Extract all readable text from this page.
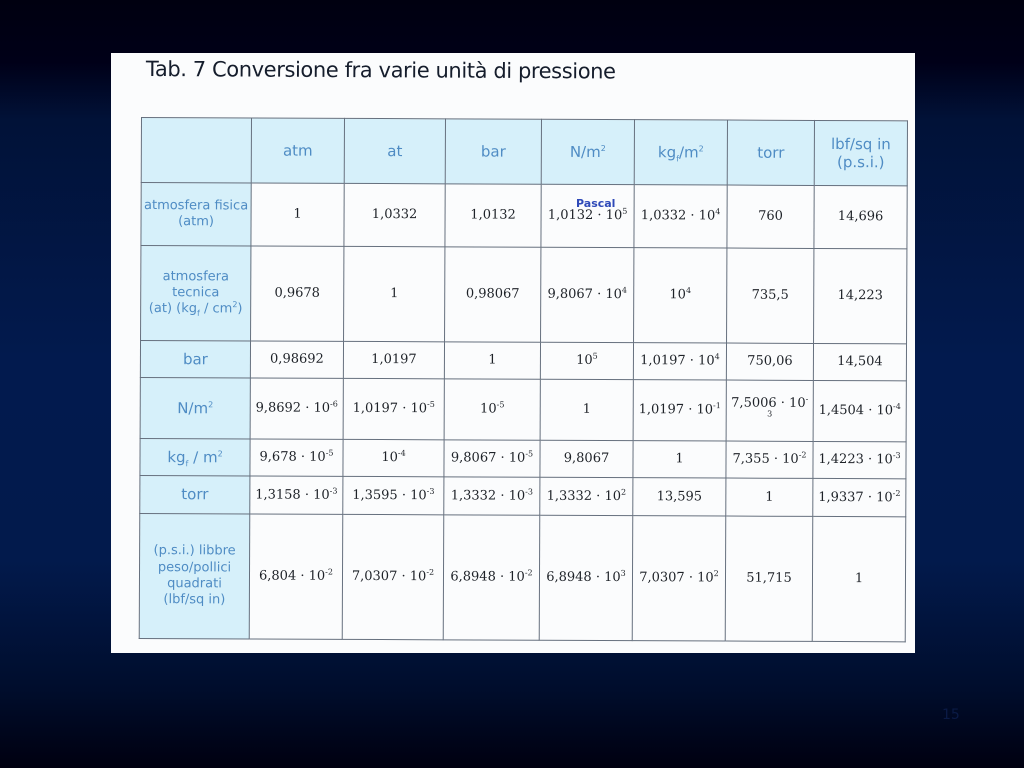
Tab. 7 Conversione fra varie unità di pressione
	atm	at	bar	$N/m^2$	$kg_f/m^2$	torr	lbf/sq in
(p.s.i.)
atmosfera fisica
(atm)	1	1,0332	1,0132	$1,0132 \cdot 10^5$	$1,0332 \cdot 10^4$	760	14,696
atmosfera
tecnica
(at) $(kg_f / cm^2)$	0,9678	1	0,98067	$9,8067 \cdot 10^4$	$10^4$	735,5	14,223
bar	0,98692	1,0197	1	$10^5$	$1,0197 \cdot 10^4$	750,06	14,504
$N/m^2$	$9,8692 \cdot 10^{-6}$	$1,0197 \cdot 10^{-5}$	$10^{-5}$	1	$1,0197 \cdot 10^{-1}$	$7,5006 \cdot 10^{-3}$	$1,4504 \cdot 10^{-4}$
$kg_f / m^2$	$9,678 \cdot 10^{-5}$	$10^{-4}$	$9,8067 \cdot 10^{-5}$	9,8067	1	$7,355 \cdot 10^{-2}$	$1,4223 \cdot 10^{-3}$
torr	$1,3158 \cdot 10^{-3}$	$1,3595 \cdot 10^{-3}$	$1,3332 \cdot 10^{-3}$	$1,3332 \cdot 10^2$	13,595	1	$1,9337 \cdot 10^{-2}$
(p.s.i.) libbre
peso/pollici
quadrati
(lbf/sq in)	$6,804 \cdot 10^{-2}$	$7,0307 \cdot 10^{-2}$	$6,8948 \cdot 10^{-2}$	$6,8948 \cdot 10^3$	$7,0307 \cdot 10^2$	51,715	1
Pascal
15
